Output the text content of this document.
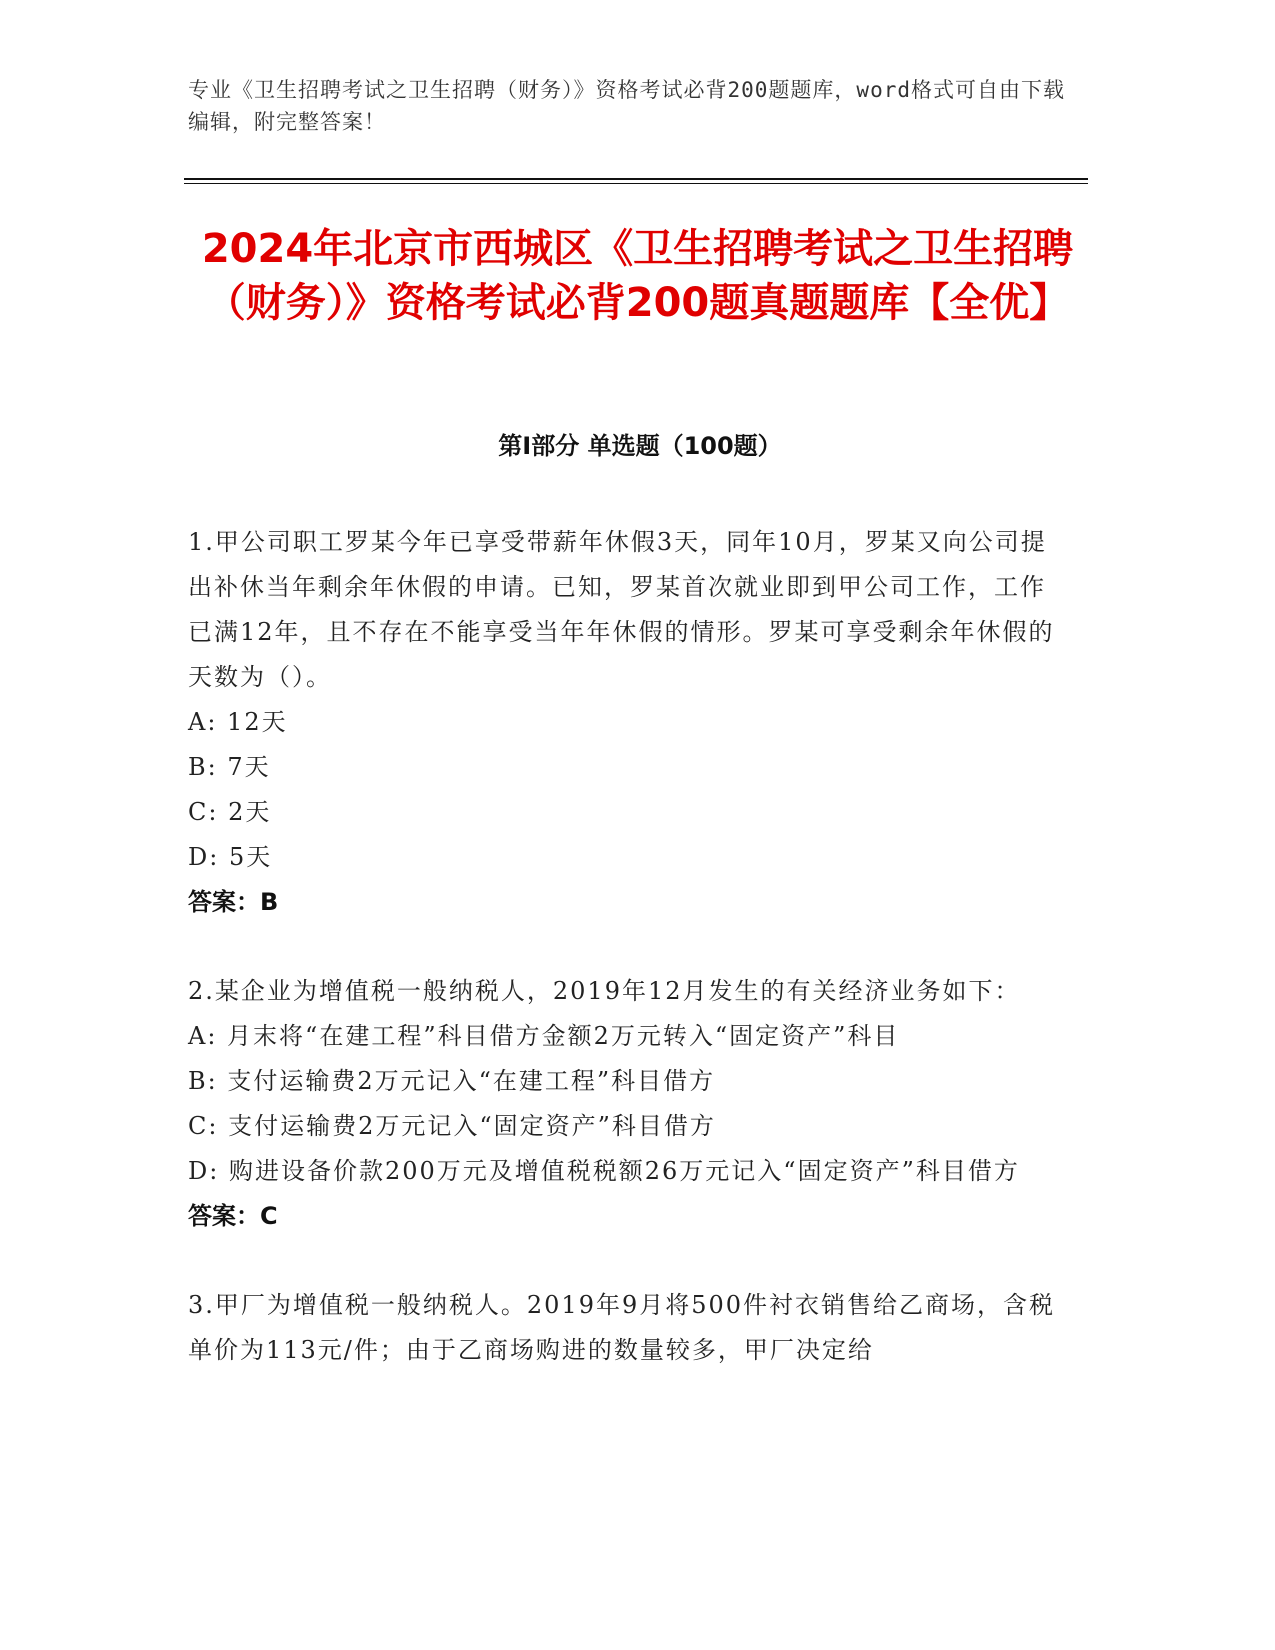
专业《卫生招聘考试之卫生招聘（财务）》资格考试必背200题题库，word格式可自由下载编辑，附完整答案！
2024年北京市西城区《卫生招聘考试之卫生招聘（财务）》资格考试必背200题真题题库【全优】
第I部分 单选题（100题）
1.甲公司职工罗某今年已享受带薪年休假3天，同年10月，罗某又向公司提出补休当年剩余年休假的申请。已知，罗某首次就业即到甲公司工作，工作已满12年，且不存在不能享受当年年休假的情形。罗某可享受剩余年休假的天数为（）。
A: 12天
B: 7天
C: 2天
D: 5天
答案：B
2.某企业为增值税一般纳税人，2019年12月发生的有关经济业务如下：
A: 月末将“在建工程”科目借方金额2万元转入“固定资产”科目
B: 支付运输费2万元记入“在建工程”科目借方
C: 支付运输费2万元记入“固定资产”科目借方
D: 购进设备价款200万元及增值税税额26万元记入“固定资产”科目借方
答案：C
3.甲厂为增值税一般纳税人。2019年9月将500件衬衣销售给乙商场，含税单价为113元/件；由于乙商场购进的数量较多，甲厂决定给
